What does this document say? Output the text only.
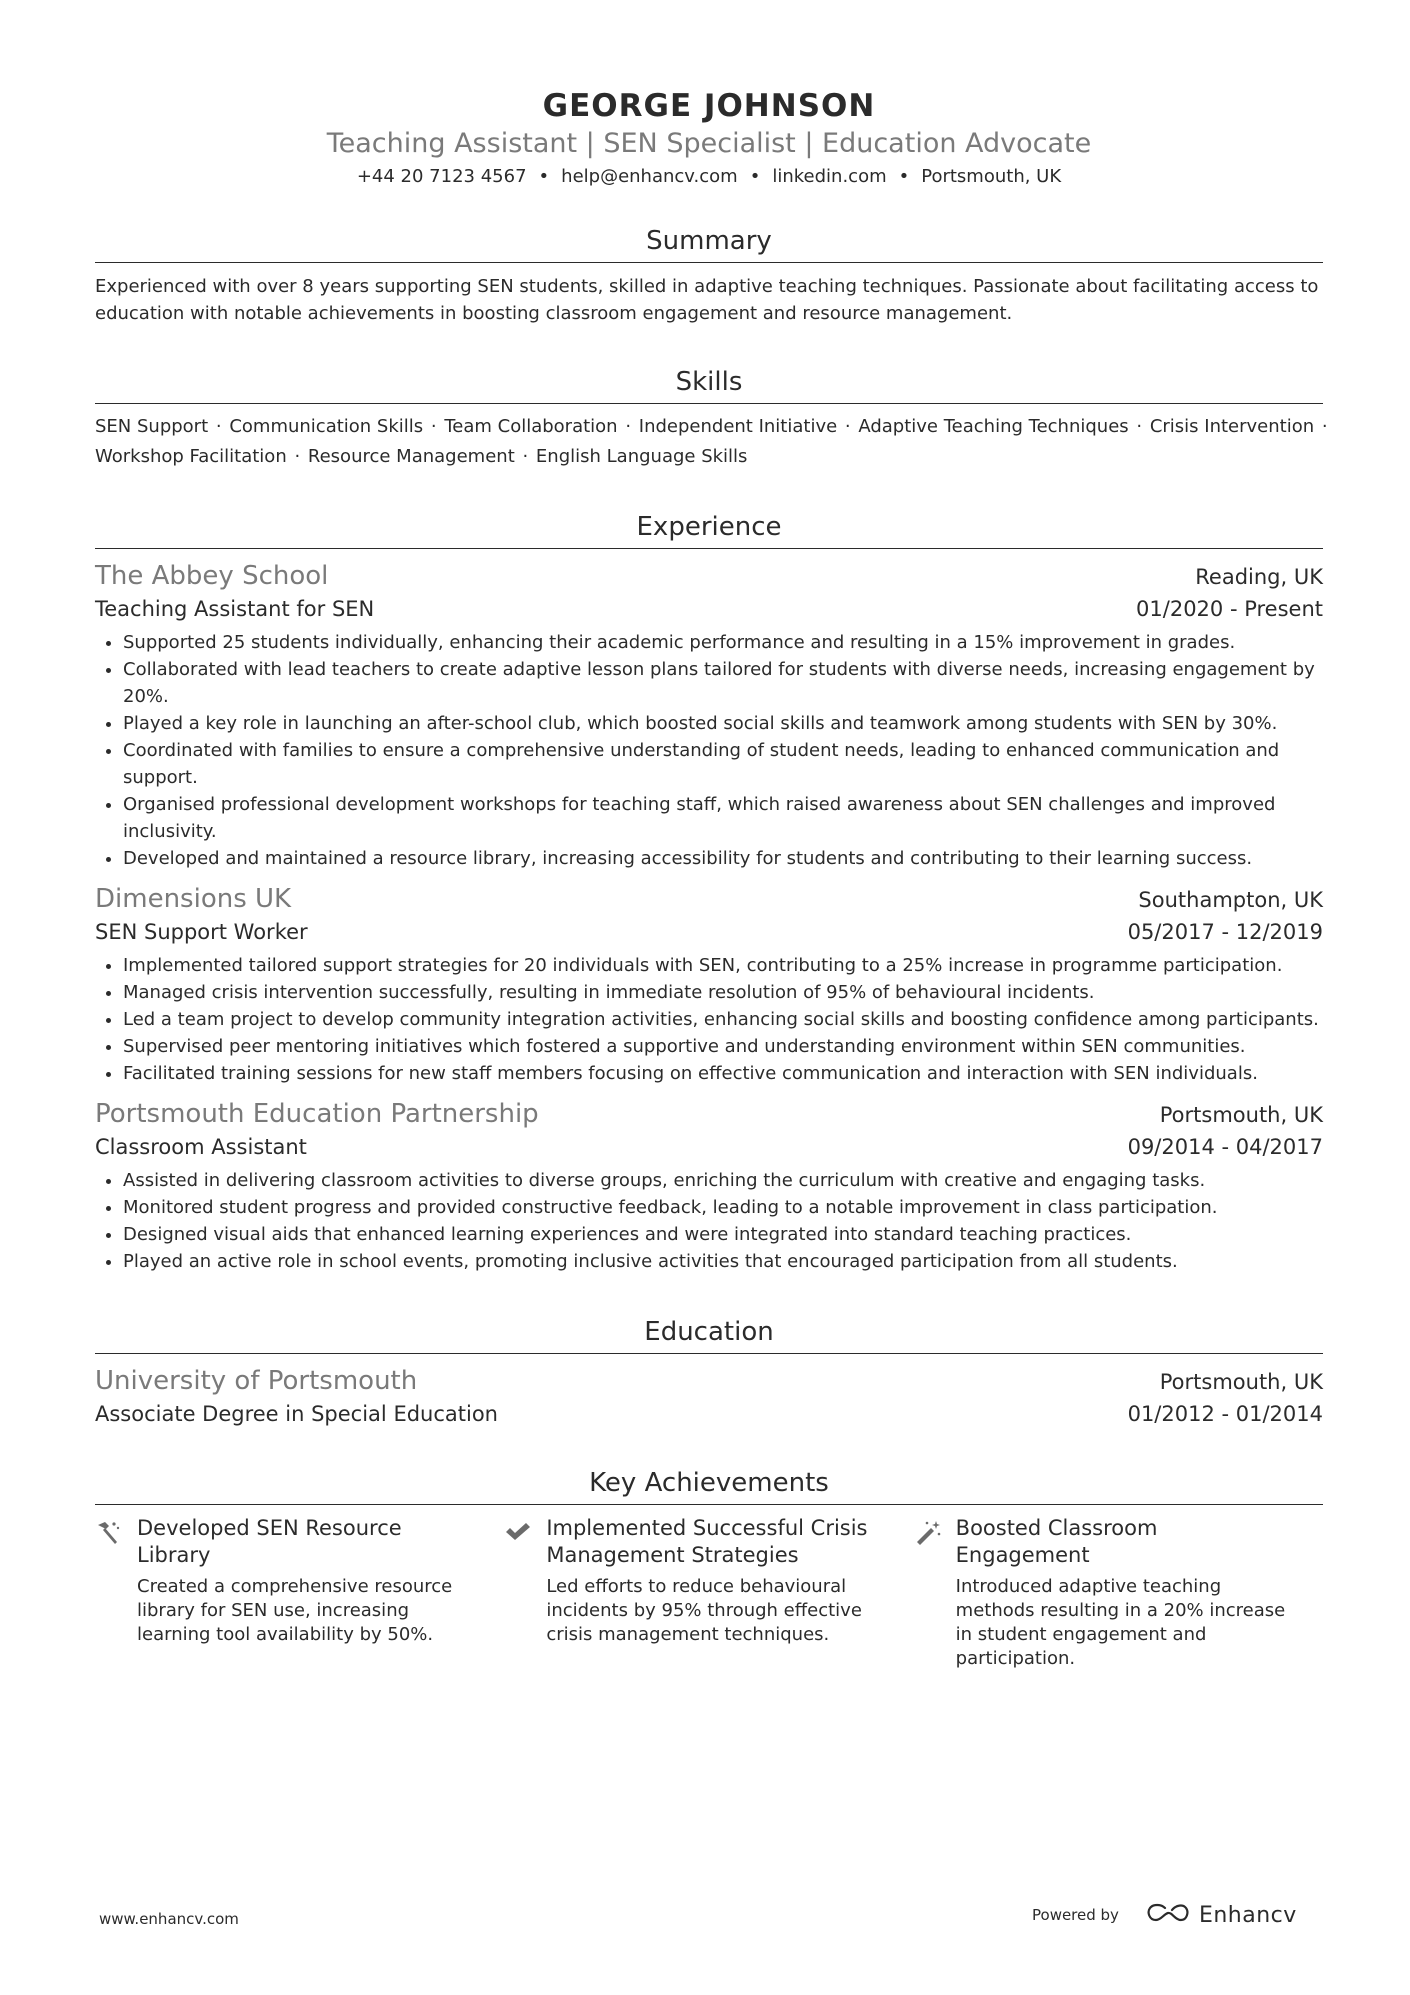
GEORGE JOHNSON
Teaching Assistant | SEN Specialist | Education Advocate
+44 20 7123 4567 • help@enhancv.com • linkedin.com • Portsmouth, UK
Summary
Experienced with over 8 years supporting SEN students, skilled in adaptive teaching techniques. Passionate about facilitating access to education with notable achievements in boosting classroom engagement and resource management.
Skills
SEN Support · Communication Skills · Team Collaboration · Independent Initiative · Adaptive Teaching Techniques · Crisis Intervention · Workshop Facilitation · Resource Management · English Language Skills
Experience
The Abbey School	Reading, UK
Teaching Assistant for SEN	01/2020 - Present
• Supported 25 students individually, enhancing their academic performance and resulting in a 15% improvement in grades.
• Collaborated with lead teachers to create adaptive lesson plans tailored for students with diverse needs, increasing engagement by 20%.
• Played a key role in launching an after-school club, which boosted social skills and teamwork among students with SEN by 30%.
• Coordinated with families to ensure a comprehensive understanding of student needs, leading to enhanced communication and support.
• Organised professional development workshops for teaching staff, which raised awareness about SEN challenges and improved inclusivity.
• Developed and maintained a resource library, increasing accessibility for students and contributing to their learning success.
Dimensions UK	Southampton, UK
SEN Support Worker	05/2017 - 12/2019
• Implemented tailored support strategies for 20 individuals with SEN, contributing to a 25% increase in programme participation.
• Managed crisis intervention successfully, resulting in immediate resolution of 95% of behavioural incidents.
• Led a team project to develop community integration activities, enhancing social skills and boosting confidence among participants.
• Supervised peer mentoring initiatives which fostered a supportive and understanding environment within SEN communities.
• Facilitated training sessions for new staff members focusing on effective communication and interaction with SEN individuals.
Portsmouth Education Partnership	Portsmouth, UK
Classroom Assistant	09/2014 - 04/2017
• Assisted in delivering classroom activities to diverse groups, enriching the curriculum with creative and engaging tasks.
• Monitored student progress and provided constructive feedback, leading to a notable improvement in class participation.
• Designed visual aids that enhanced learning experiences and were integrated into standard teaching practices.
• Played an active role in school events, promoting inclusive activities that encouraged participation from all students.
Education
University of Portsmouth	Portsmouth, UK
Associate Degree in Special Education	01/2012 - 01/2014
Key Achievements
Developed SEN Resource Library
Created a comprehensive resource library for SEN use, increasing learning tool availability by 50%.
Implemented Successful Crisis Management Strategies
Led efforts to reduce behavioural incidents by 95% through effective crisis management techniques.
Boosted Classroom Engagement
Introduced adaptive teaching methods resulting in a 20% increase in student engagement and participation.
www.enhancv.com	Powered by	Enhancv
